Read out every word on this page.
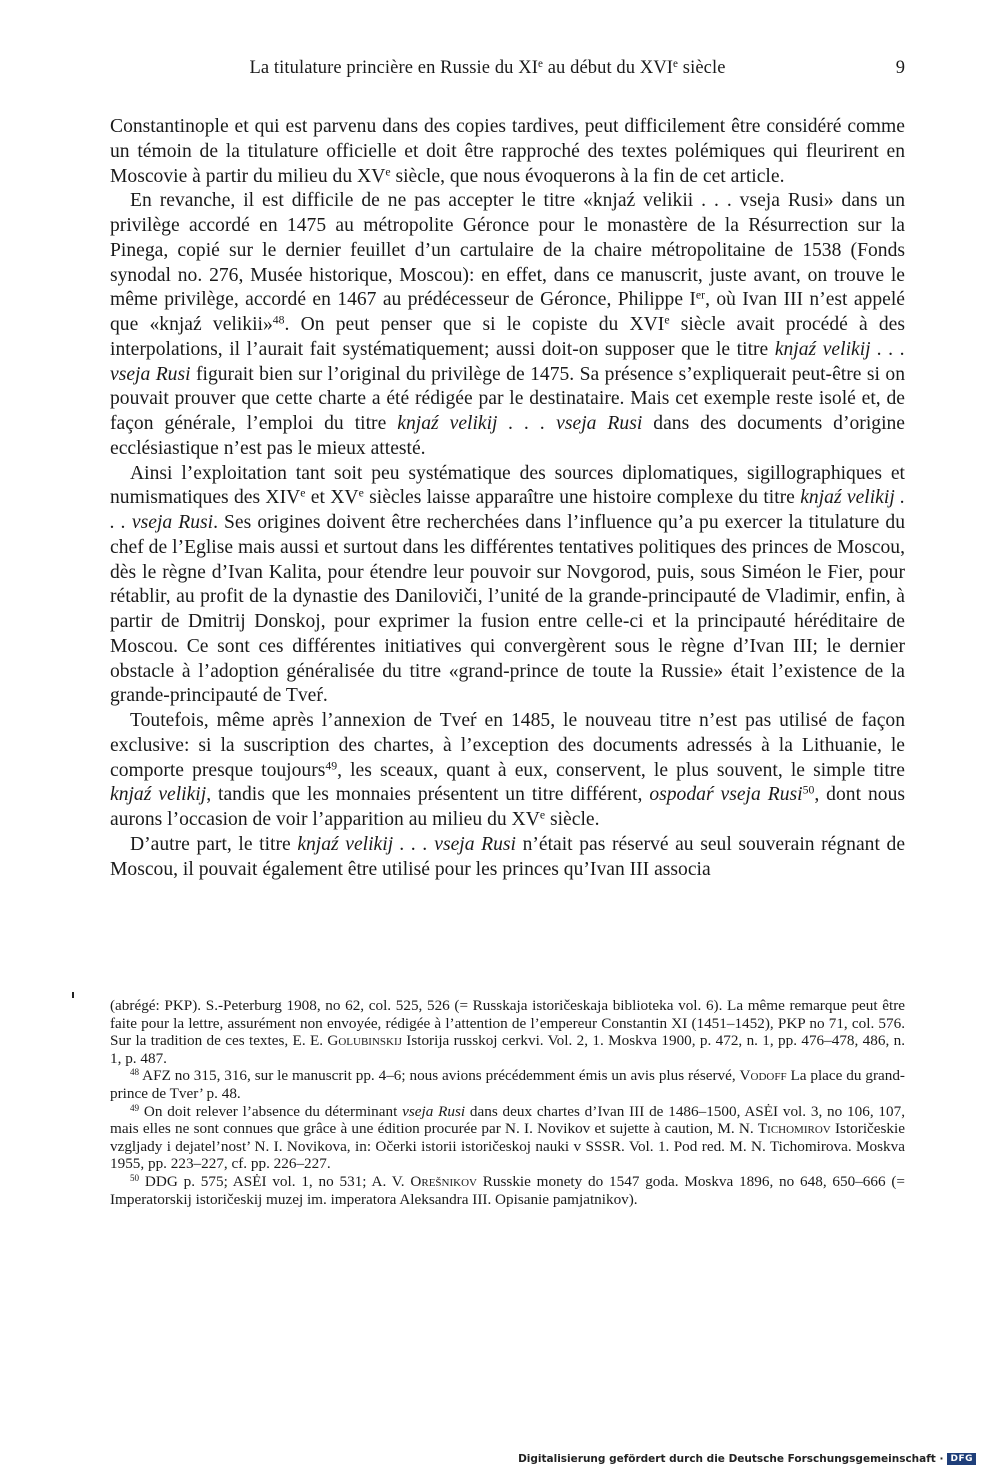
La titulature princière en Russie du XIe au début du XVIe siècle	9

Constantinople et qui est parvenu dans des copies tardives, peut difficilement être considéré comme un témoin de la titulature officielle et doit être rapproché des textes polémiques qui fleurirent en Moscovie à partir du milieu du XVe siècle, que nous évoquerons à la fin de cet article.

En revanche, il est difficile de ne pas accepter le titre «knjaź velikii . . . vseja Rusi» dans un privilège accordé en 1475 au métropolite Géronce pour le monastère de la Résurrection sur la Pinega, copié sur le dernier feuillet d’un cartulaire de la chaire métropolitaine de 1538 (Fonds synodal no. 276, Musée historique, Moscou): en effet, dans ce manuscrit, juste avant, on trouve le même privilège, accordé en 1467 au prédécesseur de Géronce, Philippe Ier, où Ivan III n’est appelé que «knjaź velikii»$^{48}$. On peut penser que si le copiste du XVIe siècle avait procédé à des interpolations, il l’aurait fait systématiquement; aussi doit-on supposer que le titre knjaź velikij . . . vseja Rusi figurait bien sur l’original du privilège de 1475. Sa présence s’expliquerait peut-être si on pouvait prouver que cette charte a été rédigée par le destinataire. Mais cet exemple reste isolé et, de façon générale, l’emploi du titre knjaź velikij . . . vseja Rusi dans des documents d’origine ecclésiastique n’est pas le mieux attesté.

Ainsi l’exploitation tant soit peu systématique des sources diplomatiques, sigillographiques et numismatiques des XIVe et XVe siècles laisse apparaître une histoire complexe du titre knjaź velikij . . . vseja Rusi. Ses origines doivent être recherchées dans l’influence qu’a pu exercer la titulature du chef de l’Eglise mais aussi et surtout dans les différentes tentatives politiques des princes de Moscou, dès le règne d’Ivan Kalita, pour étendre leur pouvoir sur Novgorod, puis, sous Siméon le Fier, pour rétablir, au profit de la dynastie des Daniloviči, l’unité de la grande-principauté de Vladimir, enfin, à partir de Dmitrij Donskoj, pour exprimer la fusion entre celle-ci et la principauté héréditaire de Moscou. Ce sont ces différentes initiatives qui convergèrent sous le règne d’Ivan III; le dernier obstacle à l’adoption généralisée du titre «grand-prince de toute la Russie» était l’existence de la grande-principauté de Tveŕ.

Toutefois, même après l’annexion de Tveŕ en 1485, le nouveau titre n’est pas utilisé de façon exclusive: si la suscription des chartes, à l’exception des documents adressés à la Lithuanie, le comporte presque toujours$^{49}$, les sceaux, quant à eux, conservent, le plus souvent, le simple titre knjaź velikij, tandis que les monnaies présentent un titre différent, ospodaŕ vseja Rusi$^{50}$, dont nous aurons l’occasion de voir l’apparition au milieu du XVe siècle.

D’autre part, le titre knjaź velikij . . . vseja Rusi n’était pas réservé au seul souverain régnant de Moscou, il pouvait également être utilisé pour les princes qu’Ivan III associa

(abrégé: PKP). S.-Peterburg 1908, no 62, col. 525, 526 (= Russkaja istoričeskaja biblioteka vol. 6). La même remarque peut être faite pour la lettre, assurément non envoyée, rédigée à l’attention de l’empereur Constantin XI (1451–1452), PKP no 71, col. 576. Sur la tradition de ces textes, E. E. Golubinskij Istorija russkoj cerkvi. Vol. 2, 1. Moskva 1900, p. 472, n. 1, pp. 476–478, 486, n. 1, p. 487.

$^{48}$ AFZ no 315, 316, sur le manuscrit pp. 4–6; nous avions précédemment émis un avis plus réservé, Vodoff La place du grand-prince de Tver’ p. 48.

$^{49}$ On doit relever l’absence du déterminant vseja Rusi dans deux chartes d’Ivan III de 1486–1500, ASĖI vol. 3, no 106, 107, mais elles ne sont connues que grâce à une édition procurée par N. I. Novikov et sujette à caution, M. N. Tichomirov Istoričeskie vzgljady i dejatel’nost’ N. I. Novikova, in: Očerki istorii istoričeskoj nauki v SSSR. Vol. 1. Pod red. M. N. Tichomirova. Moskva 1955, pp. 223–227, cf. pp. 226–227.

$^{50}$ DDG p. 575; ASĖI vol. 1, no 531; A. V. Orešnikov Russkie monety do 1547 goda. Moskva 1896, no 648, 650–666 (= Imperatorskij istoričeskij muzej im. imperatora Aleksandra III. Opisanie pamjatnikov).

Digitalisierung gefördert durch die Deutsche Forschungsgemeinschaft · DFG
